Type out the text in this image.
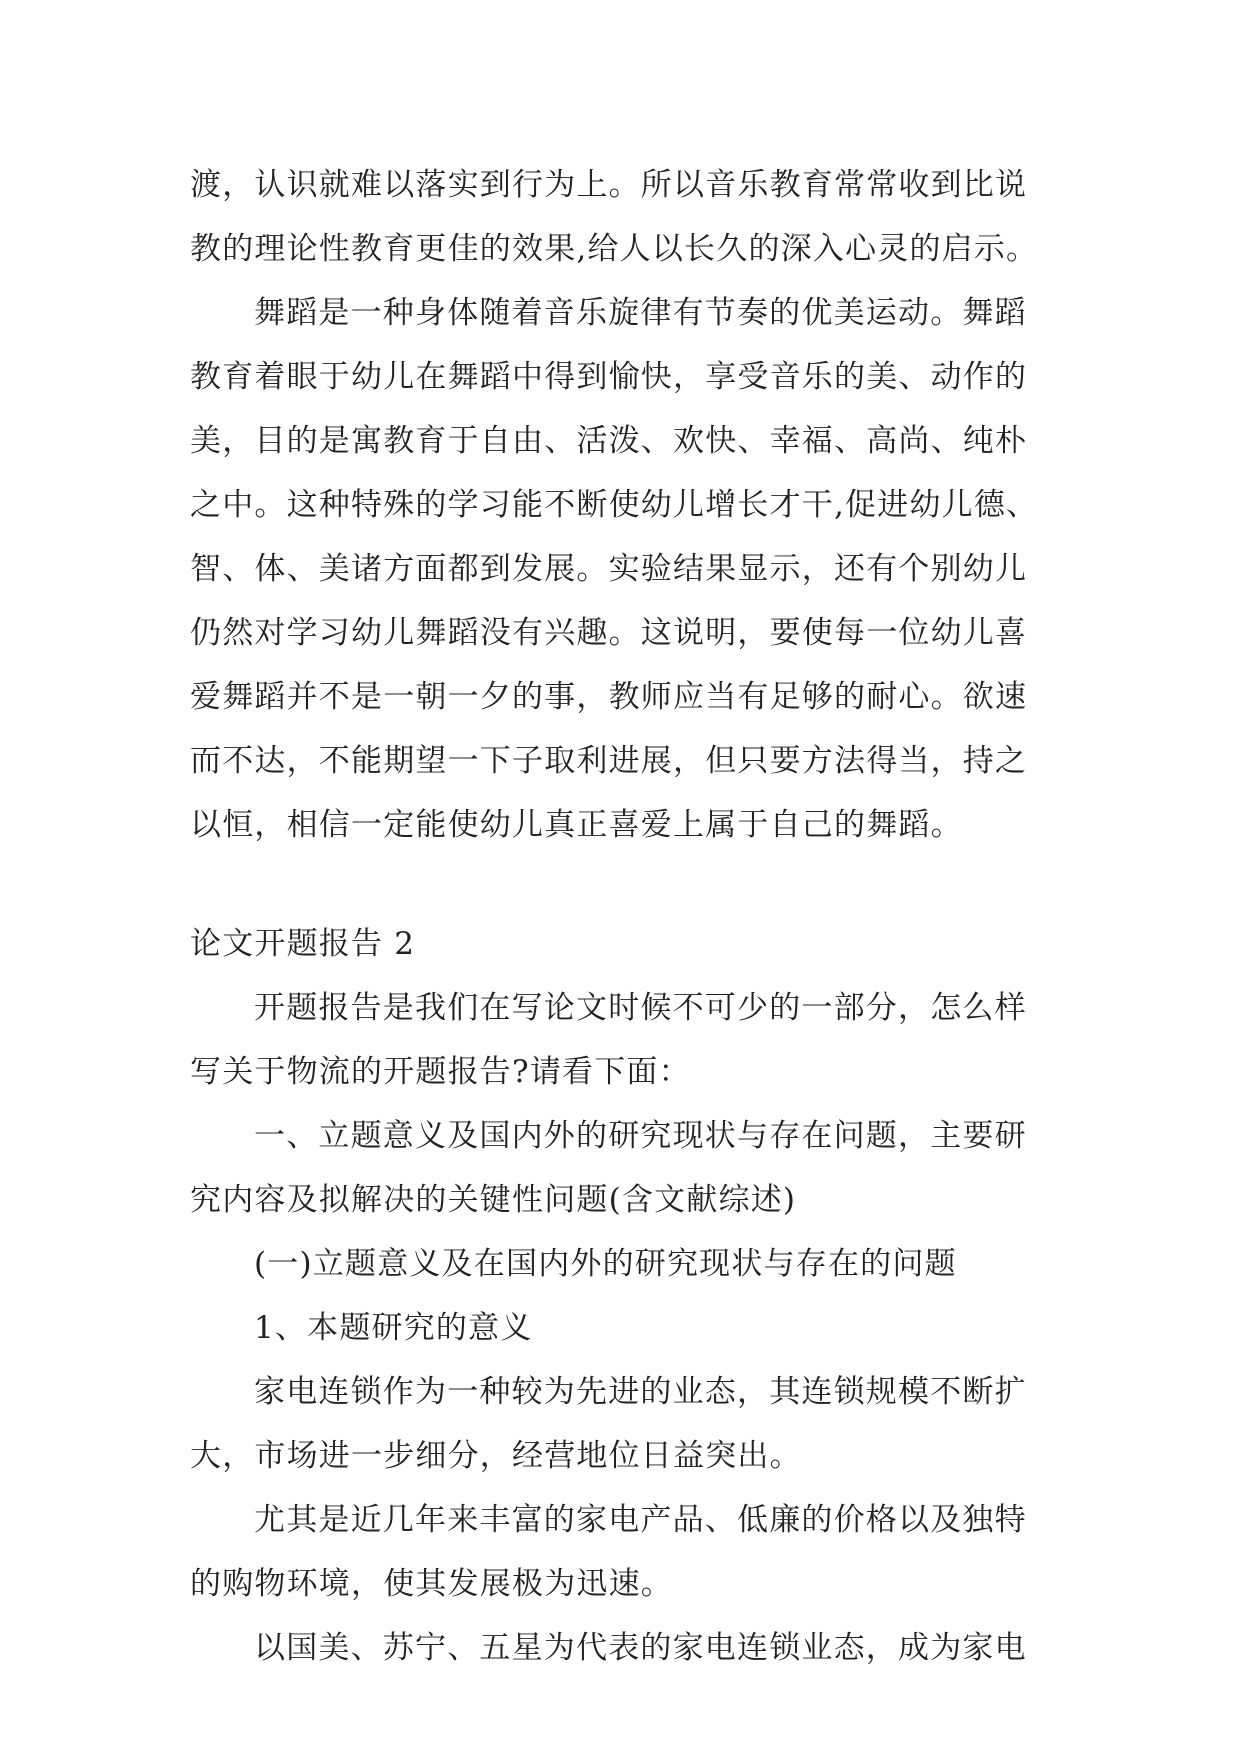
渡，认识就难以落实到行为上。所以音乐教育常常收到比说
教的理论性教育更佳的效果,给人以长久的深入心灵的启示。
舞蹈是一种身体随着音乐旋律有节奏的优美运动。舞蹈
教育着眼于幼儿在舞蹈中得到愉快，享受音乐的美、动作的
美，目的是寓教育于自由、活泼、欢快、幸福、高尚、纯朴
之中。这种特殊的学习能不断使幼儿增长才干,促进幼儿德、
智、体、美诸方面都到发展。实验结果显示，还有个别幼儿
仍然对学习幼儿舞蹈没有兴趣。这说明，要使每一位幼儿喜
爱舞蹈并不是一朝一夕的事，教师应当有足够的耐心。欲速
而不达，不能期望一下子取利进展，但只要方法得当，持之
以恒，相信一定能使幼儿真正喜爱上属于自己的舞蹈。
论文开题报告 2
开题报告是我们在写论文时候不可少的一部分，怎么样
写关于物流的开题报告?请看下面：
一、立题意义及国内外的研究现状与存在问题，主要研
究内容及拟解决的关键性问题(含文献综述)
(一)立题意义及在国内外的研究现状与存在的问题
1、本题研究的意义
家电连锁作为一种较为先进的业态，其连锁规模不断扩
大，市场进一步细分，经营地位日益突出。
尤其是近几年来丰富的家电产品、低廉的价格以及独特
的购物环境，使其发展极为迅速。
以国美、苏宁、五星为代表的家电连锁业态，成为家电
